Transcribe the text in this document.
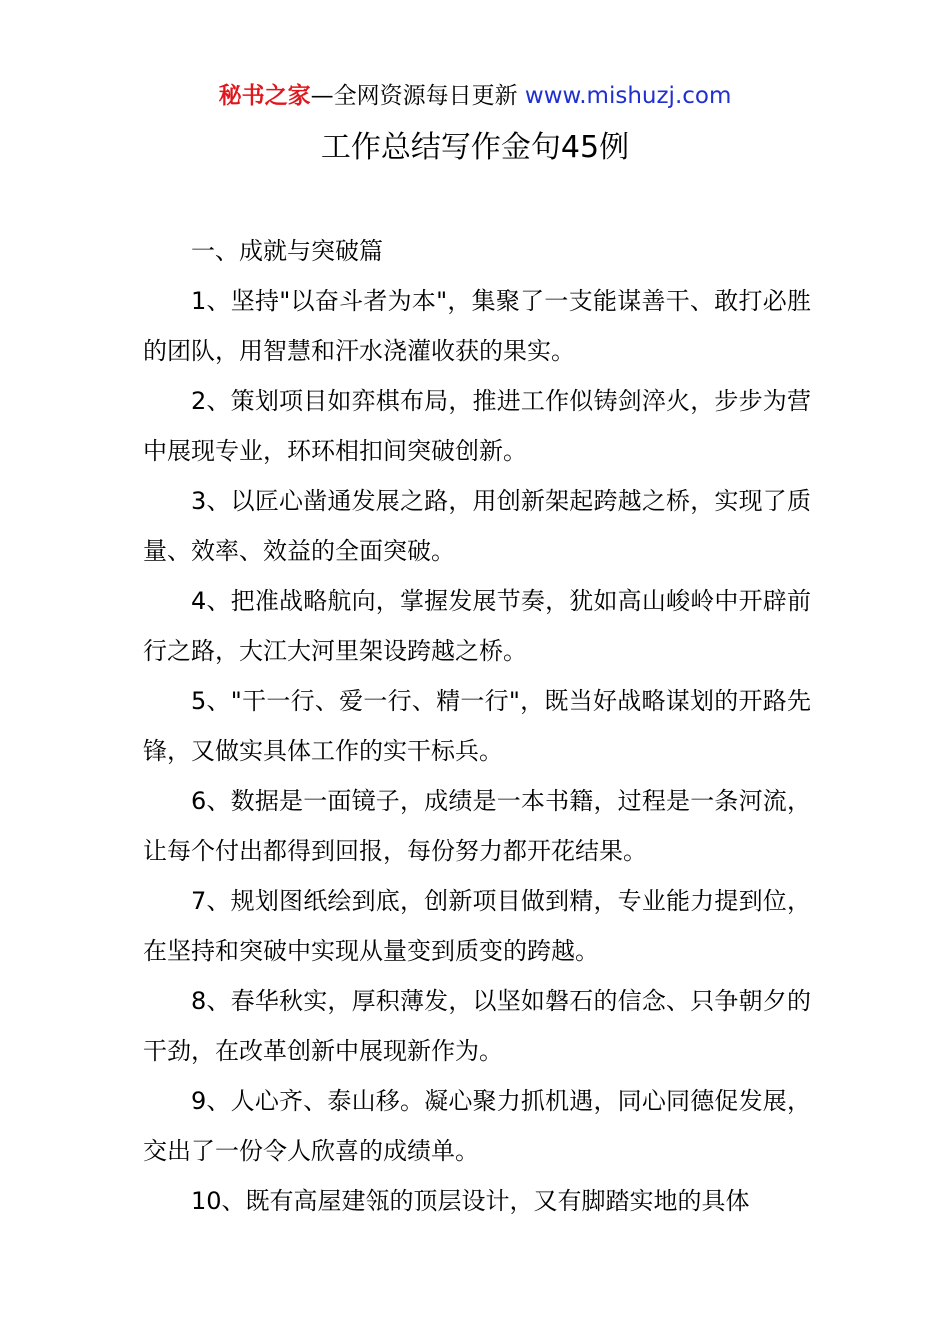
秘书之家—全网资源每日更新 www.mishuzj.com
工作总结写作金句45例

一、成就与突破篇

1、坚持"以奋斗者为本"，集聚了一支能谋善干、敢打必胜的团队，用智慧和汗水浇灌收获的果实。

2、策划项目如弈棋布局，推进工作似铸剑淬火，步步为营中展现专业，环环相扣间突破创新。

3、以匠心凿通发展之路，用创新架起跨越之桥，实现了质量、效率、效益的全面突破。

4、把准战略航向，掌握发展节奏，犹如高山峻岭中开辟前行之路，大江大河里架设跨越之桥。

5、"干一行、爱一行、精一行"，既当好战略谋划的开路先锋，又做实具体工作的实干标兵。

6、数据是一面镜子，成绩是一本书籍，过程是一条河流，让每个付出都得到回报，每份努力都开花结果。

7、规划图纸绘到底，创新项目做到精，专业能力提到位，在坚持和突破中实现从量变到质变的跨越。

8、春华秋实，厚积薄发，以坚如磐石的信念、只争朝夕的干劲，在改革创新中展现新作为。

9、人心齐、泰山移。凝心聚力抓机遇，同心同德促发展，交出了一份令人欣喜的成绩单。

10、既有高屋建瓴的顶层设计，又有脚踏实地的具体
